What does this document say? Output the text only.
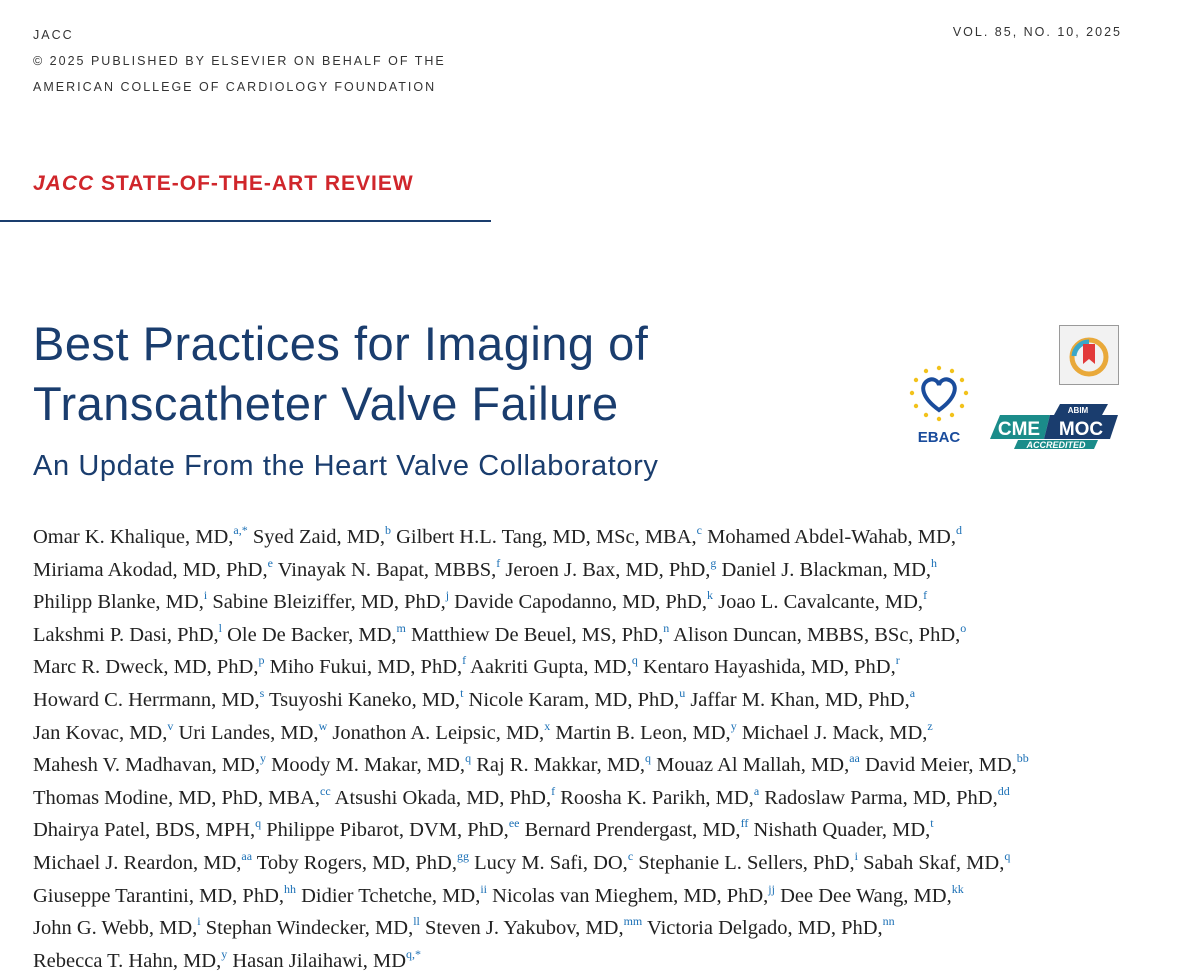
JACC
© 2025 PUBLISHED BY ELSEVIER ON BEHALF OF THE
AMERICAN COLLEGE OF CARDIOLOGY FOUNDATION
VOL. 85, NO. 10, 2025
JACC STATE-OF-THE-ART REVIEW
Best Practices for Imaging of
Transcatheter Valve Failure
An Update From the Heart Valve Collaboratory
EBAC
ABIM
CME MOC
ACCREDITED
Omar K. Khalique, MD,$^{a,*}$ Syed Zaid, MD,$^b$ Gilbert H.L. Tang, MD, MSc, MBA,$^c$ Mohamed Abdel-Wahab, MD,$^d$
Miriama Akodad, MD, PhD,$^e$ Vinayak N. Bapat, MBBS,$^f$ Jeroen J. Bax, MD, PhD,$^g$ Daniel J. Blackman, MD,$^h$
Philipp Blanke, MD,$^i$ Sabine Bleiziffer, MD, PhD,$^j$ Davide Capodanno, MD, PhD,$^k$ Joao L. Cavalcante, MD,$^f$
Lakshmi P. Dasi, PhD,$^l$ Ole De Backer, MD,$^m$ Matthiew De Beuel, MS, PhD,$^n$ Alison Duncan, MBBS, BSc, PhD,$^o$
Marc R. Dweck, MD, PhD,$^p$ Miho Fukui, MD, PhD,$^f$ Aakriti Gupta, MD,$^q$ Kentaro Hayashida, MD, PhD,$^r$
Howard C. Herrmann, MD,$^s$ Tsuyoshi Kaneko, MD,$^t$ Nicole Karam, MD, PhD,$^u$ Jaffar M. Khan, MD, PhD,$^a$
Jan Kovac, MD,$^v$ Uri Landes, MD,$^w$ Jonathon A. Leipsic, MD,$^x$ Martin B. Leon, MD,$^y$ Michael J. Mack, MD,$^z$
Mahesh V. Madhavan, MD,$^y$ Moody M. Makar, MD,$^q$ Raj R. Makkar, MD,$^q$ Mouaz Al Mallah, MD,$^{aa}$ David Meier, MD,$^{bb}$
Thomas Modine, MD, PhD, MBA,$^{cc}$ Atsushi Okada, MD, PhD,$^f$ Roosha K. Parikh, MD,$^a$ Radoslaw Parma, MD, PhD,$^{dd}$
Dhairya Patel, BDS, MPH,$^q$ Philippe Pibarot, DVM, PhD,$^{ee}$ Bernard Prendergast, MD,$^{ff}$ Nishath Quader, MD,$^t$
Michael J. Reardon, MD,$^{aa}$ Toby Rogers, MD, PhD,$^{gg}$ Lucy M. Safi, DO,$^c$ Stephanie L. Sellers, PhD,$^i$ Sabah Skaf, MD,$^q$
Giuseppe Tarantini, MD, PhD,$^{hh}$ Didier Tchetche, MD,$^{ii}$ Nicolas van Mieghem, MD, PhD,$^{jj}$ Dee Dee Wang, MD,$^{kk}$
John G. Webb, MD,$^i$ Stephan Windecker, MD,$^{ll}$ Steven J. Yakubov, MD,$^{mm}$ Victoria Delgado, MD, PhD,$^{nn}$
Rebecca T. Hahn, MD,$^y$ Hasan Jilaihawi, $MD^{q,*}$
